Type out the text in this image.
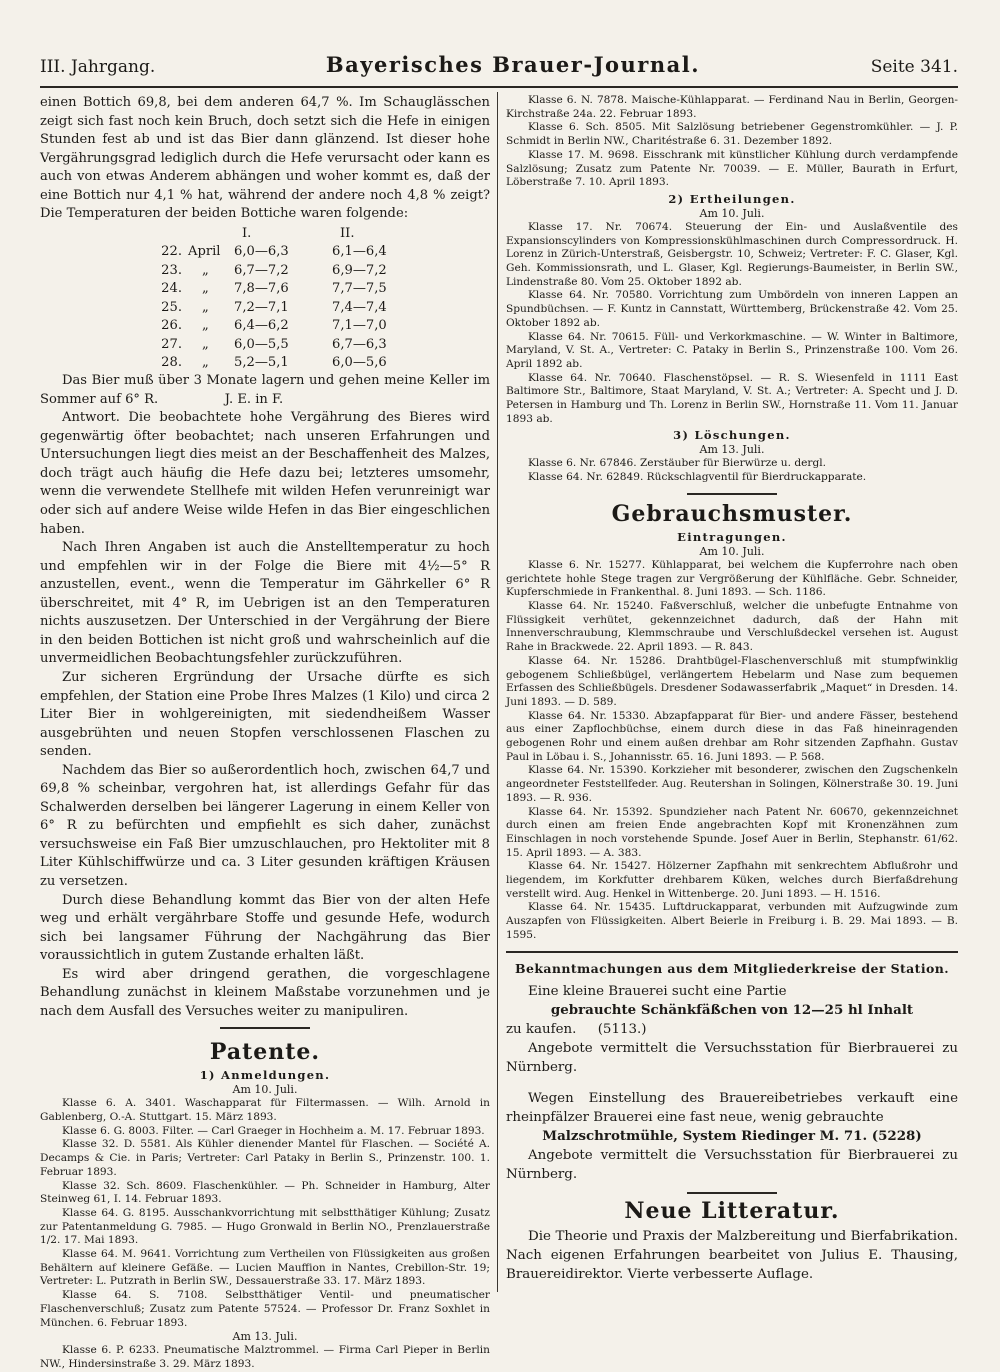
III. Jahrgang.	Bayerisches Brauer-Journal.	Seite 341.

einen Bottich 69,8, bei dem anderen 64,7 %. Im Schauglässchen zeigt sich fast noch kein Bruch, doch setzt sich die Hefe in einigen Stunden fest ab und ist das Bier dann glänzend. Ist dieser hohe Vergährungsgrad lediglich durch die Hefe verursacht oder kann es auch von etwas Anderem abhängen und woher kommt es, daß der eine Bottich nur 4,1 % hat, während der andere noch 4,8 % zeigt? Die Temperaturen der beiden Bottiche waren folgende:

		I.	II.
22.	April	6,0—6,3	6,1—6,4
23.	„	6,7—7,2	6,9—7,2
24.	„	7,8—7,6	7,7—7,5
25.	„	7,2—7,1	7,4—7,4
26.	„	6,4—6,2	7,1—7,0
27.	„	6,0—5,5	6,7—6,3
28.	„	5,2—5,1	6,0—5,6

Das Bier muß über 3 Monate lagern und gehen meine Keller im Sommer auf 6° R.                J. E. in F.

Antwort. Die beobachtete hohe Vergährung des Bieres wird gegenwärtig öfter beobachtet; nach unseren Erfahrungen und Untersuchungen liegt dies meist an der Beschaffenheit des Malzes, doch trägt auch häufig die Hefe dazu bei; letzteres umsomehr, wenn die verwendete Stellhefe mit wilden Hefen verunreinigt war oder sich auf andere Weise wilde Hefen in das Bier eingeschlichen haben.

Nach Ihren Angaben ist auch die Anstelltemperatur zu hoch und empfehlen wir in der Folge die Biere mit 4½—5° R anzustellen, event., wenn die Temperatur im Gährkeller 6° R überschreitet, mit 4° R, im Uebrigen ist an den Temperaturen nichts auszusetzen. Der Unterschied in der Vergährung der Biere in den beiden Bottichen ist nicht groß und wahrscheinlich auf die unvermeidlichen Beobachtungsfehler zurückzuführen.

Zur sicheren Ergründung der Ursache dürfte es sich empfehlen, der Station eine Probe Ihres Malzes (1 Kilo) und circa 2 Liter Bier in wohlgereinigten, mit siedendheißem Wasser ausgebrühten und neuen Stopfen verschlossenen Flaschen zu senden.

Nachdem das Bier so außerordentlich hoch, zwischen 64,7 und 69,8 % scheinbar, vergohren hat, ist allerdings Gefahr für das Schalwerden derselben bei längerer Lagerung in einem Keller von 6° R zu befürchten und empfiehlt es sich daher, zunächst versuchsweise ein Faß Bier umzuschlauchen, pro Hektoliter mit 8 Liter Kühlschiffwürze und ca. 3 Liter gesunden kräftigen Kräusen zu versetzen.

Durch diese Behandlung kommt das Bier von der alten Hefe weg und erhält vergährbare Stoffe und gesunde Hefe, wodurch sich bei langsamer Führung der Nachgährung das Bier voraussichtlich in gutem Zustande erhalten läßt.

Es wird aber dringend gerathen, die vorgeschlagene Behandlung zunächst in kleinem Maßstabe vorzunehmen und je nach dem Ausfall des Versuches weiter zu manipuliren.

Patente.
1) Anmeldungen.
Am 10. Juli.

Klasse 6. A. 3401. Waschapparat für Filtermassen. — Wilh. Arnold in Gablenberg, O.-A. Stuttgart. 15. März 1893.

Klasse 6. G. 8003. Filter. — Carl Graeger in Hochheim a. M. 17. Februar 1893.

Klasse 32. D. 5581. Als Kühler dienender Mantel für Flaschen. — Société A. Decamps & Cie. in Paris; Vertreter: Carl Pataky in Berlin S., Prinzenstr. 100. 1. Februar 1893.

Klasse 32. Sch. 8609. Flaschenkühler. — Ph. Schneider in Hamburg, Alter Steinweg 61, I. 14. Februar 1893.

Klasse 64. G. 8195. Ausschankvorrichtung mit selbstthätiger Kühlung; Zusatz zur Patentanmeldung G. 7985. — Hugo Gronwald in Berlin NO., Prenzlauerstraße 1/2. 17. Mai 1893.

Klasse 64. M. 9641. Vorrichtung zum Vertheilen von Flüssigkeiten aus großen Behältern auf kleinere Gefäße. — Lucien Mauffion in Nantes, Crebillon-Str. 19; Vertreter: L. Putzrath in Berlin SW., Dessauerstraße 33. 17. März 1893.

Klasse 64. S. 7108. Selbstthätiger Ventil- und pneumatischer Flaschenverschluß; Zusatz zum Patente 57524. — Professor Dr. Franz Soxhlet in München. 6. Februar 1893.

Am 13. Juli.

Klasse 6. P. 6233. Pneumatische Malztrommel. — Firma Carl Pieper in Berlin NW., Hindersinstraße 3. 29. März 1893.

Klasse 6. N. 7878. Maische-Kühlapparat. — Ferdinand Nau in Berlin, Georgen-Kirchstraße 24a. 22. Februar 1893.

Klasse 6. Sch. 8505. Mit Salzlösung betriebener Gegenstromkühler. — J. P. Schmidt in Berlin NW., Charitéstraße 6. 31. Dezember 1892.

Klasse 17. M. 9698. Eisschrank mit künstlicher Kühlung durch verdampfende Salzlösung; Zusatz zum Patente Nr. 70039. — E. Müller, Baurath in Erfurt, Löberstraße 7. 10. April 1893.

2) Ertheilungen.
Am 10. Juli.

Klasse 17. Nr. 70674. Steuerung der Ein- und Auslaßventile des Expansionscylinders von Kompressionskühlmaschinen durch Compressordruck. H. Lorenz in Zürich-Unterstraß, Geisbergstr. 10, Schweiz; Vertreter: F. C. Glaser, Kgl. Geh. Kommissionsrath, und L. Glaser, Kgl. Regierungs-Baumeister, in Berlin SW., Lindenstraße 80. Vom 25. Oktober 1892 ab.

Klasse 64. Nr. 70580. Vorrichtung zum Umbördeln von inneren Lappen an Spundbüchsen. — F. Kuntz in Cannstatt, Württemberg, Brückenstraße 42. Vom 25. Oktober 1892 ab.

Klasse 64. Nr. 70615. Füll- und Verkorkmaschine. — W. Winter in Baltimore, Maryland, V. St. A., Vertreter: C. Pataky in Berlin S., Prinzenstraße 100. Vom 26. April 1892 ab.

Klasse 64. Nr. 70640. Flaschenstöpsel. — R. S. Wiesenfeld in 1111 East Baltimore Str., Baltimore, Staat Maryland, V. St. A.; Vertreter: A. Specht und J. D. Petersen in Hamburg und Th. Lorenz in Berlin SW., Hornstraße 11. Vom 11. Januar 1893 ab.

3) Löschungen.
Am 13. Juli.

Klasse 6. Nr. 67846. Zerstäuber für Bierwürze u. dergl.

Klasse 64. Nr. 62849. Rückschlagventil für Bierdruckapparate.

Gebrauchsmuster.
Eintragungen.
Am 10. Juli.

Klasse 6. Nr. 15277. Kühlapparat, bei welchem die Kupferrohre nach oben gerichtete hohle Stege tragen zur Vergrößerung der Kühlfläche. Gebr. Schneider, Kupferschmiede in Frankenthal. 8. Juni 1893. — Sch. 1186.

Klasse 64. Nr. 15240. Faßverschluß, welcher die unbefugte Entnahme von Flüssigkeit verhütet, gekennzeichnet dadurch, daß der Hahn mit Innenverschraubung, Klemmschraube und Verschlußdeckel versehen ist. August Rahe in Brackwede. 22. April 1893. — R. 843.

Klasse 64. Nr. 15286. Drahtbügel-Flaschenverschluß mit stumpfwinklig gebogenem Schließbügel, verlängertem Hebelarm und Nase zum bequemen Erfassen des Schließbügels. Dresdener Sodawasserfabrik „Maquet“ in Dresden. 14. Juni 1893. — D. 589.

Klasse 64. Nr. 15330. Abzapfapparat für Bier- und andere Fässer, bestehend aus einer Zapflochbüchse, einem durch diese in das Faß hineinragenden gebogenen Rohr und einem außen drehbar am Rohr sitzenden Zapfhahn. Gustav Paul in Löbau i. S., Johannisstr. 65. 16. Juni 1893. — P. 568.

Klasse 64. Nr. 15390. Korkzieher mit besonderer, zwischen den Zugschenkeln angeordneter Feststellfeder. Aug. Reutershan in Solingen, Kölnerstraße 30. 19. Juni 1893. — R. 936.

Klasse 64. Nr. 15392. Spundzieher nach Patent Nr. 60670, gekennzeichnet durch einen am freien Ende angebrachten Kopf mit Kronenzähnen zum Einschlagen in noch vorstehende Spunde. Josef Auer in Berlin, Stephanstr. 61/62. 15. April 1893. — A. 383.

Klasse 64. Nr. 15427. Hölzerner Zapfhahn mit senkrechtem Abflußrohr und liegendem, im Korkfutter drehbarem Küken, welches durch Bierfaßdrehung verstellt wird. Aug. Henkel in Wittenberge. 20. Juni 1893. — H. 1516.

Klasse 64. Nr. 15435. Luftdruckapparat, verbunden mit Aufzugwinde zum Auszapfen von Flüssigkeiten. Albert Beierle in Freiburg i. B. 29. Mai 1893. — B. 1595.

Bekanntmachungen aus dem Mitgliederkreise der Station.

Eine kleine Brauerei sucht eine Partie

gebrauchte Schänkfäßchen von 12—25 hl Inhalt

zu kaufen.     (5113.)

Angebote vermittelt die Versuchsstation für Bierbrauerei zu Nürnberg.

Wegen Einstellung des Brauereibetriebes verkauft eine rheinpfälzer Brauerei eine fast neue, wenig gebrauchte

Malzschrotmühle, System Riedinger M. 71. (5228)

Angebote vermittelt die Versuchsstation für Bierbrauerei zu Nürnberg.

Neue Litteratur.

Die Theorie und Praxis der Malzbereitung und Bierfabrikation. Nach eigenen Erfahrungen bearbeitet von Julius E. Thausing, Brauereidirektor. Vierte verbesserte Auflage.
